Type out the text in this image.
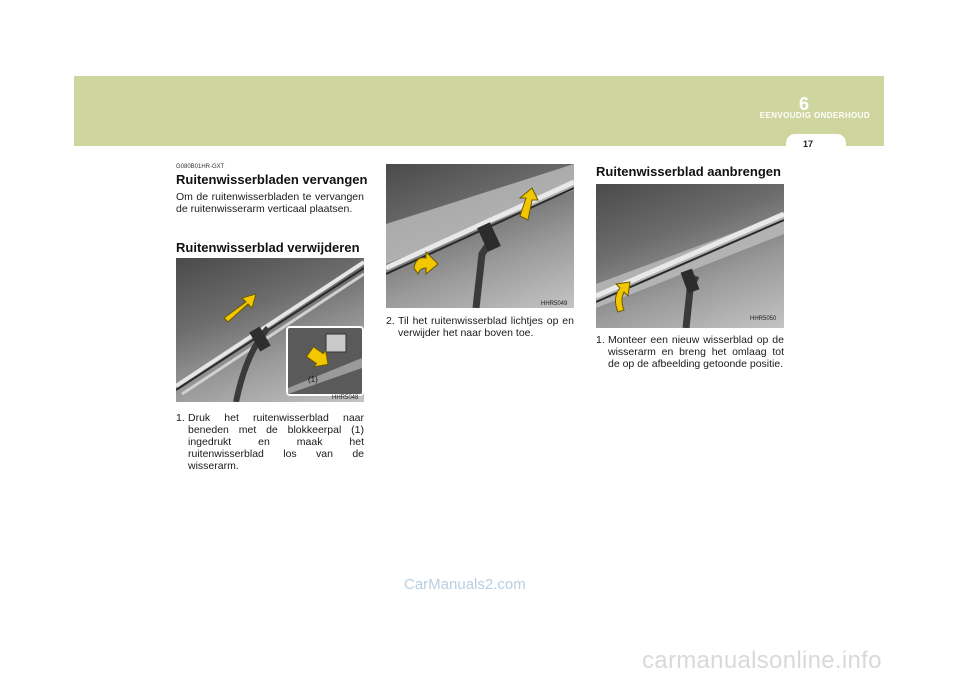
EENVOUDIG ONDERHOUD
6
17
G080B01HR-GXT
Ruitenwisserbladen vervangen
Om de ruitenwisserbladen te vervangen de ruitenwisserarm verticaal plaatsen.
Ruitenwisserblad verwijderen
(1)
HHR5048
1. Druk het ruitenwisserblad naar beneden met de blokkeerpal (1) ingedrukt en maak het ruitenwisserblad los van de wisserarm.
HHR5049
2. Til het ruitenwisserblad lichtjes op en verwijder het naar boven toe.
Ruitenwisserblad aanbrengen
HHR5050
1. Monteer een nieuw wisserblad op de wisserarm en breng het omlaag tot de op de afbeelding getoonde positie.
CarManuals2.com
carmanualsonline.info
